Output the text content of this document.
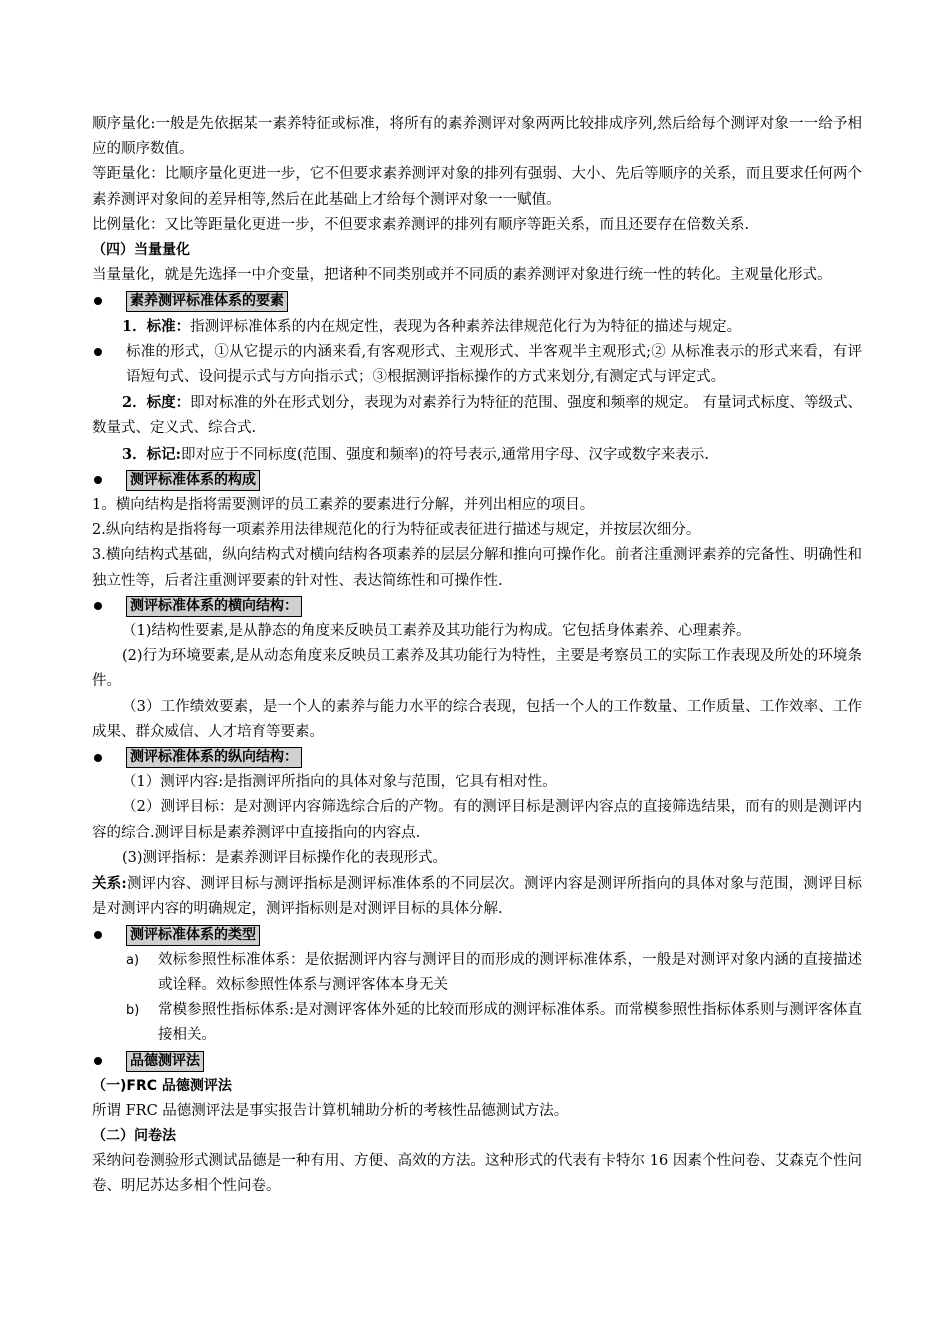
顺序量化:一般是先依据某一素养特征或标准，将所有的素养测评对象两两比较排成序列,然后给每个测评对象一一给予相应的顺序数值。

等距量化：比顺序量化更进一步，它不但要求素养测评对象的排列有强弱、大小、先后等顺序的关系，而且要求任何两个素养测评对象间的差异相等,然后在此基础上才给每个测评对象一一赋值。

比例量化：又比等距量化更进一步，不但要求素养测评的排列有顺序等距关系，而且还要存在倍数关系.

（四）当量量化

当量量化，就是先选择一中介变量，把诸种不同类别或并不同质的素养测评对象进行统一性的转化。主观量化形式。

素养测评标准体系的要素

1．标准：指测评标准体系的内在规定性，表现为各种素养法律规范化行为为特征的描述与规定。

标准的形式，①从它提示的内涵来看,有客观形式、主观形式、半客观半主观形式;② 从标准表示的形式来看，有评语短句式、设问提示式与方向指示式；③根据测评指标操作的方式来划分,有测定式与评定式。

2．标度：即对标准的外在形式划分，表现为对素养行为特征的范围、强度和频率的规定。 有量词式标度、等级式、数量式、定义式、综合式.

3．标记:即对应于不同标度(范围、强度和频率)的符号表示,通常用字母、汉字或数字来表示.

测评标准体系的构成

1。横向结构是指将需要测评的员工素养的要素进行分解，并列出相应的项目。

2.纵向结构是指将每一项素养用法律规范化的行为特征或表征进行描述与规定，并按层次细分。

3.横向结构式基础，纵向结构式对横向结构各项素养的层层分解和推向可操作化。前者注重测评素养的完备性、明确性和独立性等，后者注重测评要素的针对性、表达简练性和可操作性.

测评标准体系的横向结构：

（1)结构性要素,是从静态的角度来反映员工素养及其功能行为构成。它包括身体素养、心理素养。

(2)行为环境要素,是从动态角度来反映员工素养及其功能行为特性，主要是考察员工的实际工作表现及所处的环境条件。

（3）工作绩效要素，是一个人的素养与能力水平的综合表现，包括一个人的工作数量、工作质量、工作效率、工作成果、群众威信、人才培育等要素。

测评标准体系的纵向结构：

（1）测评内容:是指测评所指向的具体对象与范围，它具有相对性。

（2）测评目标：是对测评内容筛选综合后的产物。有的测评目标是测评内容点的直接筛选结果，而有的则是测评内容的综合.测评目标是素养测评中直接指向的内容点.

(3)测评指标：是素养测评目标操作化的表现形式。

关系:测评内容、测评目标与测评指标是测评标准体系的不同层次。测评内容是测评所指向的具体对象与范围，测评目标是对测评内容的明确规定，测评指标则是对测评目标的具体分解.

测评标准体系的类型
a)	效标参照性标准体系：是依据测评内容与测评目的而形成的测评标准体系，一般是对测评对象内涵的直接描述或诠释。效标参照性体系与测评客体本身无关

b)	常模参照性指标体系:是对测评客体外延的比较而形成的测评标准体系。而常模参照性指标体系则与测评客体直接相关。

品德测评法

（一)FRC 品德测评法

所谓 FRC 品德测评法是事实报告计算机辅助分析的考核性品德测试方法。

（二）问卷法

采纳问卷测验形式测试品德是一种有用、方便、高效的方法。这种形式的代表有卡特尔 16 因素个性问卷、艾森克个性问卷、明尼苏达多相个性问卷。
